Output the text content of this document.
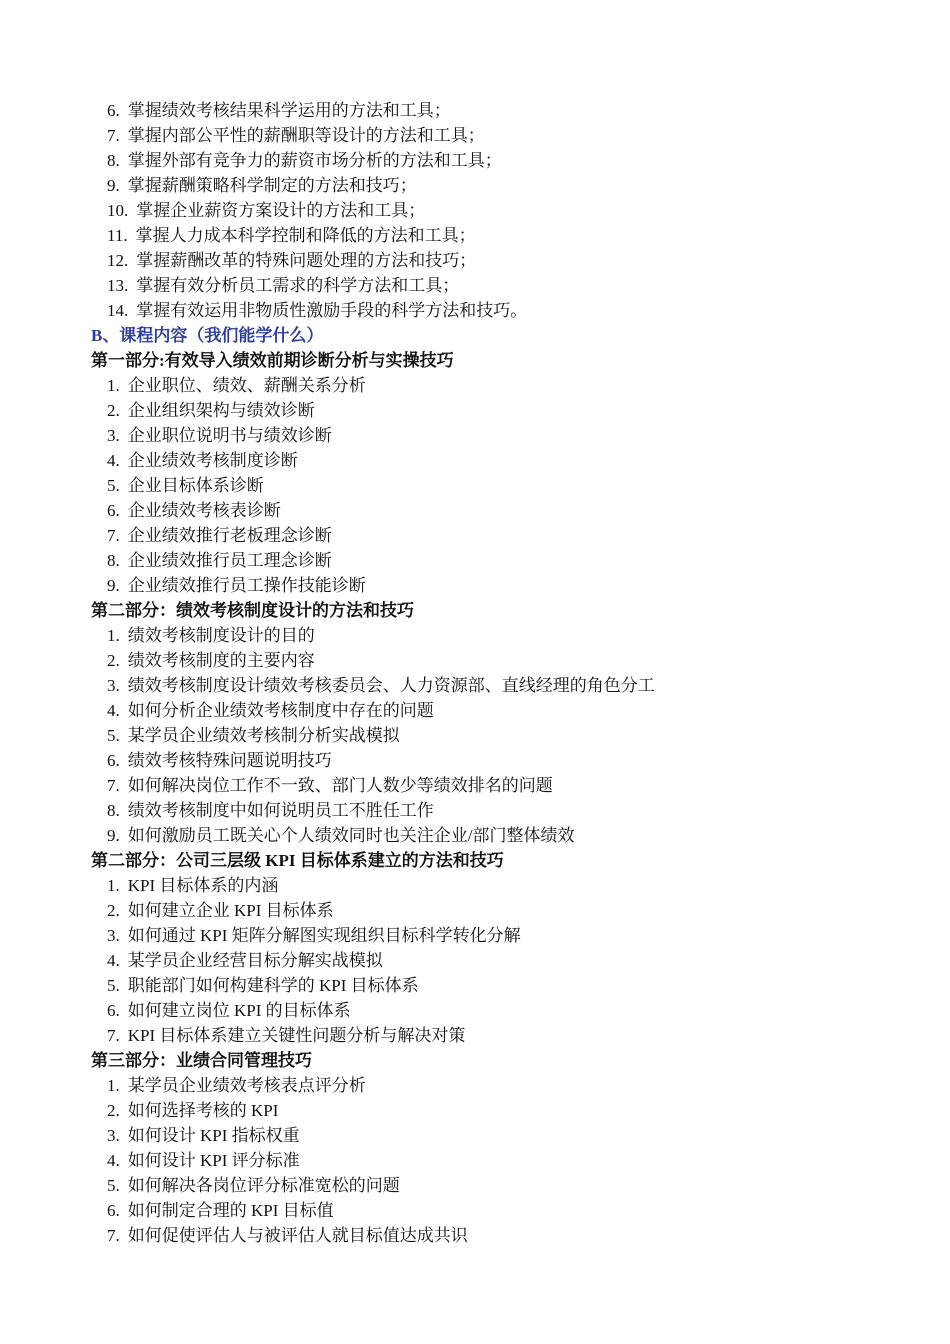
6. 掌握绩效考核结果科学运用的方法和工具；
7. 掌握内部公平性的薪酬职等设计的方法和工具；
8. 掌握外部有竞争力的薪资市场分析的方法和工具；
9. 掌握薪酬策略科学制定的方法和技巧；
10. 掌握企业薪资方案设计的方法和工具；
11. 掌握人力成本科学控制和降低的方法和工具；
12. 掌握薪酬改革的特殊问题处理的方法和技巧；
13. 掌握有效分析员工需求的科学方法和工具；
14. 掌握有效运用非物质性激励手段的科学方法和技巧。
B、课程内容（我们能学什么）
第一部分:有效导入绩效前期诊断分析与实操技巧
1. 企业职位、绩效、薪酬关系分析
2. 企业组织架构与绩效诊断
3. 企业职位说明书与绩效诊断
4. 企业绩效考核制度诊断
5. 企业目标体系诊断
6. 企业绩效考核表诊断
7. 企业绩效推行老板理念诊断
8. 企业绩效推行员工理念诊断
9. 企业绩效推行员工操作技能诊断
第二部分：绩效考核制度设计的方法和技巧
1. 绩效考核制度设计的目的
2. 绩效考核制度的主要内容
3. 绩效考核制度设计绩效考核委员会、人力资源部、直线经理的角色分工
4. 如何分析企业绩效考核制度中存在的问题
5. 某学员企业绩效考核制分析实战模拟
6. 绩效考核特殊问题说明技巧
7. 如何解决岗位工作不一致、部门人数少等绩效排名的问题
8. 绩效考核制度中如何说明员工不胜任工作
9. 如何激励员工既关心个人绩效同时也关注企业/部门整体绩效
第二部分：公司三层级 KPI 目标体系建立的方法和技巧
1. KPI 目标体系的内涵
2. 如何建立企业 KPI 目标体系
3. 如何通过 KPI 矩阵分解图实现组织目标科学转化分解
4. 某学员企业经营目标分解实战模拟
5. 职能部门如何构建科学的 KPI 目标体系
6. 如何建立岗位 KPI 的目标体系
7. KPI 目标体系建立关键性问题分析与解决对策
第三部分：业绩合同管理技巧
1. 某学员企业绩效考核表点评分析
2. 如何选择考核的 KPI
3. 如何设计 KPI 指标权重
4. 如何设计 KPI 评分标准
5. 如何解决各岗位评分标准宽松的问题
6. 如何制定合理的 KPI 目标值
7. 如何促使评估人与被评估人就目标值达成共识
